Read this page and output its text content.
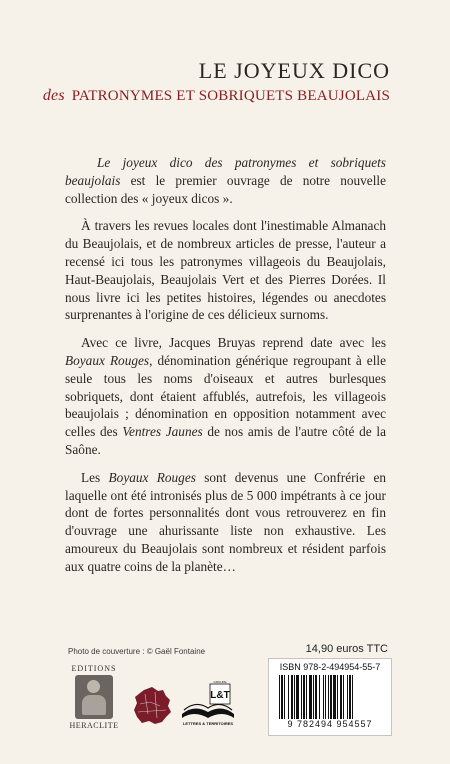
LE JOYEUX DICO
des PATRONYMES ET SOBRIQUETS BEAUJOLAIS

Le joyeux dico des patronymes et sobriquets beaujolais est le premier ouvrage de notre nouvelle collection des « joyeux dicos ».

À travers les revues locales dont l'inestimable Almanach du Beaujolais, et de nombreux articles de presse, l'auteur a recensé ici tous les patronymes villageois du Beaujolais, Haut-Beaujolais, Beaujolais Vert et des Pierres Dorées. Il nous livre ici les petites histoires, légendes ou anecdotes surprenantes à l'origine de ces délicieux surnoms.

Avec ce livre, Jacques Bruyas reprend date avec les Boyaux Rouges, dénomination générique regroupant à elle seule tous les noms d'oiseaux et autres burlesques sobriquets, dont étaient affublés, autrefois, les villageois beaujolais ; dénomination en opposition notamment avec celles des Ventres Jaunes de nos amis de l'autre côté de la Saône.

Les Boyaux Rouges sont devenus une Confrérie en laquelle ont été intronisés plus de 5 000 impétrants à ce jour dont de fortes personnalités dont vous retrouverez en fin d'ouvrage une ahurissante liste non exhaustive. Les amoureux du Beaujolais sont nombreux et résident parfois aux quatre coins de la planète…

Photo de couverture : © Gaël Fontaine	14,90 euros TTC
EDITIONS
HERACLITE
L&T
GROUPE
LETTRES & TERRITOIRES
ISBN 978-2-494954-55-7
9 782494 954557
